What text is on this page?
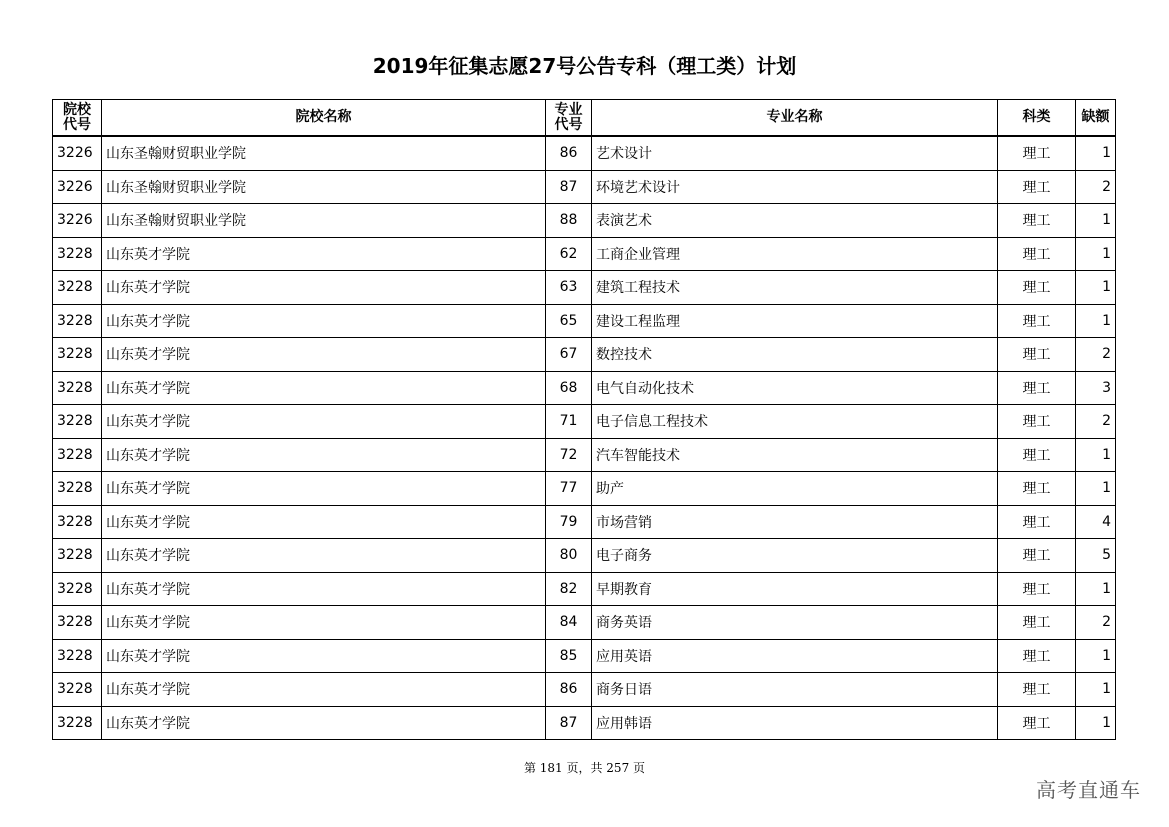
2019年征集志愿27号公告专科（理工类）计划
院校代号	院校名称	专业代号	专业名称	科类	缺额
3226	山东圣翰财贸职业学院	86	艺术设计	理工	1
3226	山东圣翰财贸职业学院	87	环境艺术设计	理工	2
3226	山东圣翰财贸职业学院	88	表演艺术	理工	1
3228	山东英才学院	62	工商企业管理	理工	1
3228	山东英才学院	63	建筑工程技术	理工	1
3228	山东英才学院	65	建设工程监理	理工	1
3228	山东英才学院	67	数控技术	理工	2
3228	山东英才学院	68	电气自动化技术	理工	3
3228	山东英才学院	71	电子信息工程技术	理工	2
3228	山东英才学院	72	汽车智能技术	理工	1
3228	山东英才学院	77	助产	理工	1
3228	山东英才学院	79	市场营销	理工	4
3228	山东英才学院	80	电子商务	理工	5
3228	山东英才学院	82	早期教育	理工	1
3228	山东英才学院	84	商务英语	理工	2
3228	山东英才学院	85	应用英语	理工	1
3228	山东英才学院	86	商务日语	理工	1
3228	山东英才学院	87	应用韩语	理工	1
第 181 页，共 257 页
高考直通车
